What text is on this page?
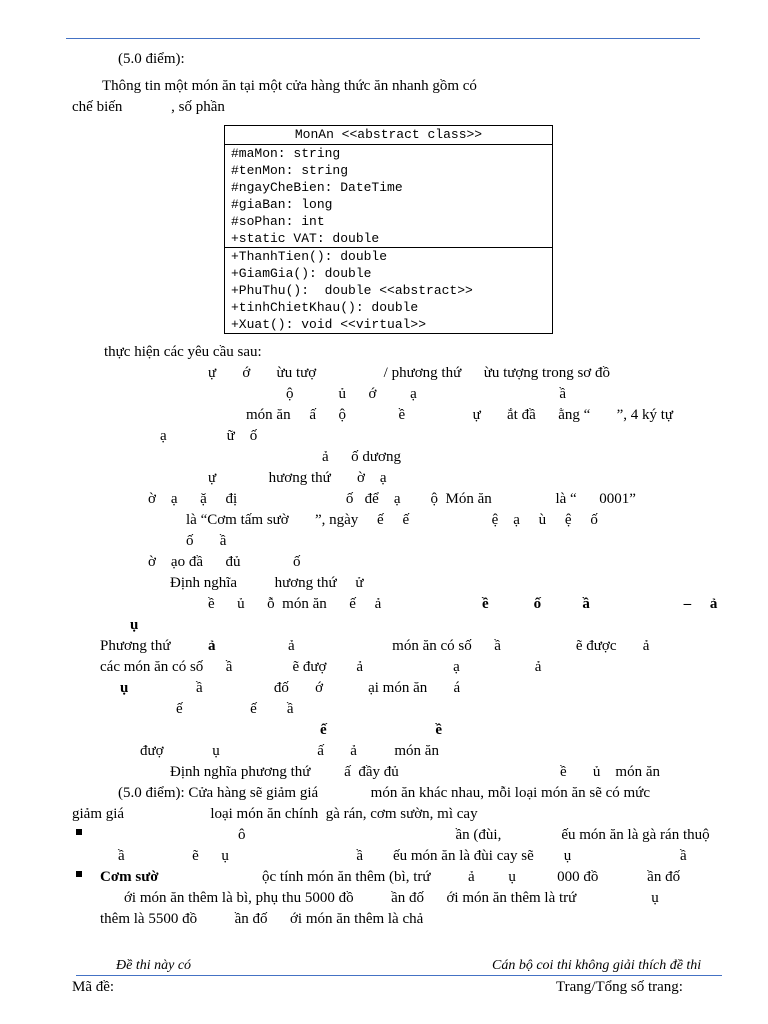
(5.0 điểm):
Thông tin một món ăn tại một cửa hàng thức ăn nhanh gồm có
chế biến             , số phần
thực hiện các yêu cầu sau:
ự       ớ       ừu tượ                  / phương thứ      ừu tượng trong sơ đồ
ộ            ủ      ớ         ạ                                      ầ
món ăn     ấ      ộ              ề                  ự       ắt đầ      ằng “       ”, 4 ký tự
ạ                ữ    ố
ả      ố dương
ự              hương thứ       ờ    ạ
ờ    ạ      ặ     đị                             ố   để    ạ        ộ  Món ăn                 là “      0001”
là “Cơm tấm sườ       ”, ngày     ế     ế                      ệ    ạ     ù     ệ     ố
ố       ầ
ờ    ạo đầ      đủ              ố
Định nghĩa          hương thứ     ử
ề      ủ      ỗ  món ăn      ế     ả
Phương thứ	ả                          món ăn có số      ầ                    ẽ được       ả
các món ăn có số      ầ                ẽ đượ        ả                        ạ                    ả
ầ                   đố       ớ            ại món ăn       á
ế                  ế        ầ
đượ             ụ                          ấ       ả          món ăn
Định nghĩa phương thứ         ấ  đầy đủ                                           ề       ủ    món ăn
(5.0 điểm): Cửa hàng sẽ giảm giá              món ăn khác nhau, mỗi loại món ăn sẽ có mức
giảm giá                       loại món ăn chính  gà rán, cơm sườn, mì cay
ô                                                        ần (đùi,                ếu món ăn là gà rán thuộ
ầ                  ẽ      ụ                                  ầ        ếu món ăn là đùi cay sẽ        ụ                             ầ
ộc tính món ăn thêm (bì, trứ          ả         ụ           000 đồ             ần đố
ới món ăn thêm là bì, phụ thu 5000 đồ          ần đố      ới món ăn thêm là trứ                    ụ
thêm là 5500 đồ          ần đố      ới món ăn thêm là chả
ụ
ề            ố           ầ                         –     ả
ả
ụ
ế                             ề
Cơm sườ
MonAn <<abstract class>>
#maMon: string
#tenMon: string
#ngayCheBien: DateTime
#giaBan: long
#soPhan: int
+static VAT: double
+ThanhTien(): double
+GiamGia(): double
+PhuThu():  double <<abstract>>
+tinhChietKhau(): double
+Xuat(): void <<virtual>>
Đề thi này có	Cán bộ coi thi không giải thích đề thi
Mã đề:	Trang/Tổng số trang:
